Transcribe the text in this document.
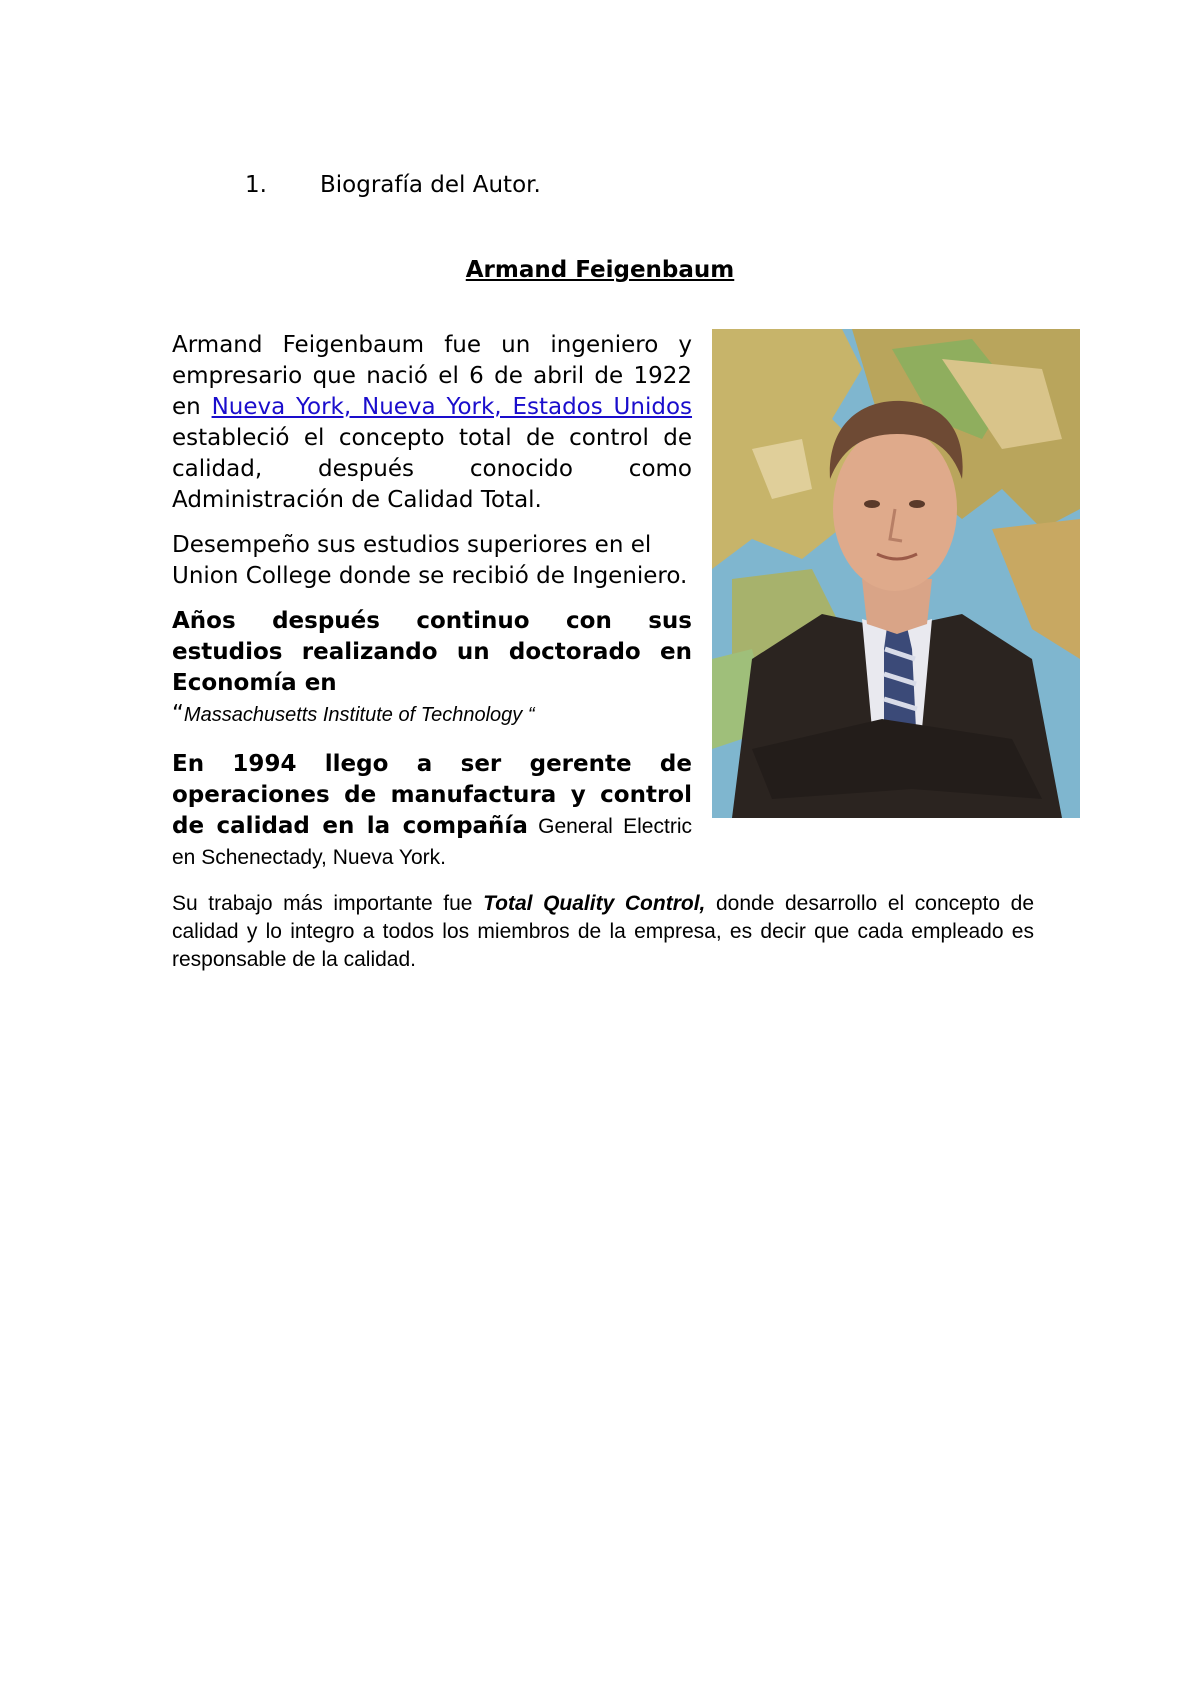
1. Biografía del Autor.
Armand Feigenbaum

Armand Feigenbaum fue un ingeniero y empresario que nació el 6 de abril de 1922 en Nueva York, Nueva York, Estados Unidos estableció el concepto total de control de calidad, después conocido como Administración de Calidad Total.

Desempeño sus estudios superiores en el Union College donde se recibió de Ingeniero.

Años después continuo con sus estudios realizando un doctorado en Economía en
“Massachusetts Institute of Technology “

En 1994 llego a ser gerente de operaciones de manufactura y control de calidad en la compañía General Electric en Schenectady, Nueva York.

Su trabajo más importante fue Total Quality Control, donde desarrollo el concepto de calidad y lo integro a todos los miembros de la empresa, es decir que cada empleado es responsable de la calidad.
